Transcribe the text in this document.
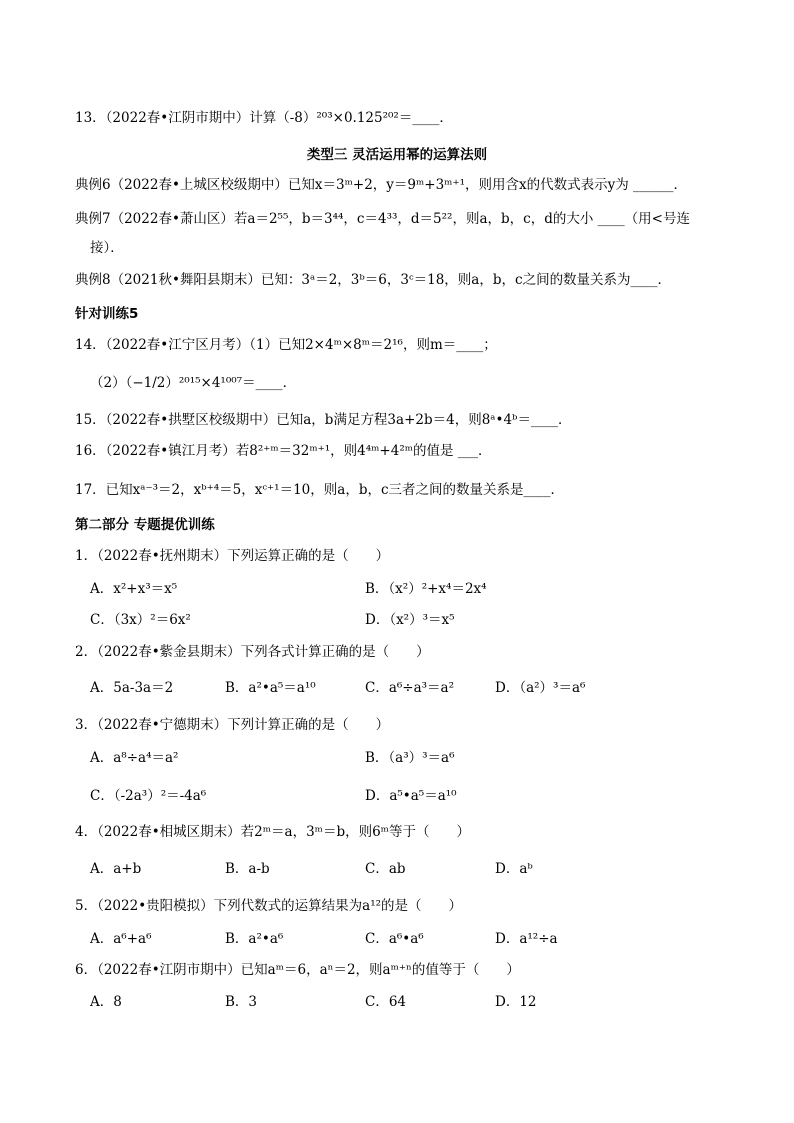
13．（2022春•江阴市期中）计算（-8）²⁰³×0.125²⁰²＝____．
类型三 灵活运用幂的运算法则
典例6（2022春•上城区校级期中）已知x＝3ᵐ+2，y＝9ᵐ+3ᵐ⁺¹，则用含x的代数式表示y为 ______．
典例7（2022春•萧山区）若a＝2⁵⁵，b＝3⁴⁴，c＝4³³，d＝5²²，则a，b，c，d的大小 ____（用<号连
接）．
典例8（2021秋•舞阳县期末）已知：3ᵃ＝2，3ᵇ＝6，3ᶜ＝18，则a，b，c之间的数量关系为____．
针对训练5
14．（2022春•江宁区月考）（1）已知2×4ᵐ×8ᵐ＝2¹⁶，则m＝____；
（2）（−1/2）²⁰¹⁵×4¹⁰⁰⁷＝____．
15．（2022春•拱墅区校级期中）已知a，b满足方程3a+2b＝4，则8ᵃ•4ᵇ＝____．
16．（2022春•镇江月考）若8²⁺ᵐ＝32ᵐ⁺¹，则4⁴ᵐ+4²ᵐ的值是 ___．
17．已知xᵃ⁻³＝2，xᵇ⁺⁴＝5，xᶜ⁺¹＝10，则a，b，c三者之间的数量关系是____．
第二部分 专题提优训练
1．（2022春•抚州期末）下列运算正确的是（　　）
A．x²+x³＝x⁵	B．（x²）²+x⁴＝2x⁴
C．（3x）²＝6x²	D．（x²）³＝x⁵
2．（2022春•紫金县期末）下列各式计算正确的是（　　）
A．5a-3a＝2	B．a²•a⁵＝a¹⁰	C．a⁶÷a³＝a²	D．（a²）³＝a⁶
3．（2022春•宁德期末）下列计算正确的是（　　）
A．a⁸÷a⁴＝a²	B．（a³）³＝a⁶
C．（-2a³）²＝-4a⁶	D．a⁵•a⁵＝a¹⁰
4．（2022春•相城区期末）若2ᵐ＝a，3ᵐ＝b，则6ᵐ等于（　　）
A．a+b	B．a-b	C．ab	D．aᵇ
5．（2022•贵阳模拟）下列代数式的运算结果为a¹²的是（　　）
A．a⁶+a⁶	B．a²•a⁶	C．a⁶•a⁶	D．a¹²÷a
6．（2022春•江阴市期中）已知aᵐ＝6，aⁿ＝2，则aᵐ⁺ⁿ的值等于（　　）
A．8	B．3	C．64	D．12
